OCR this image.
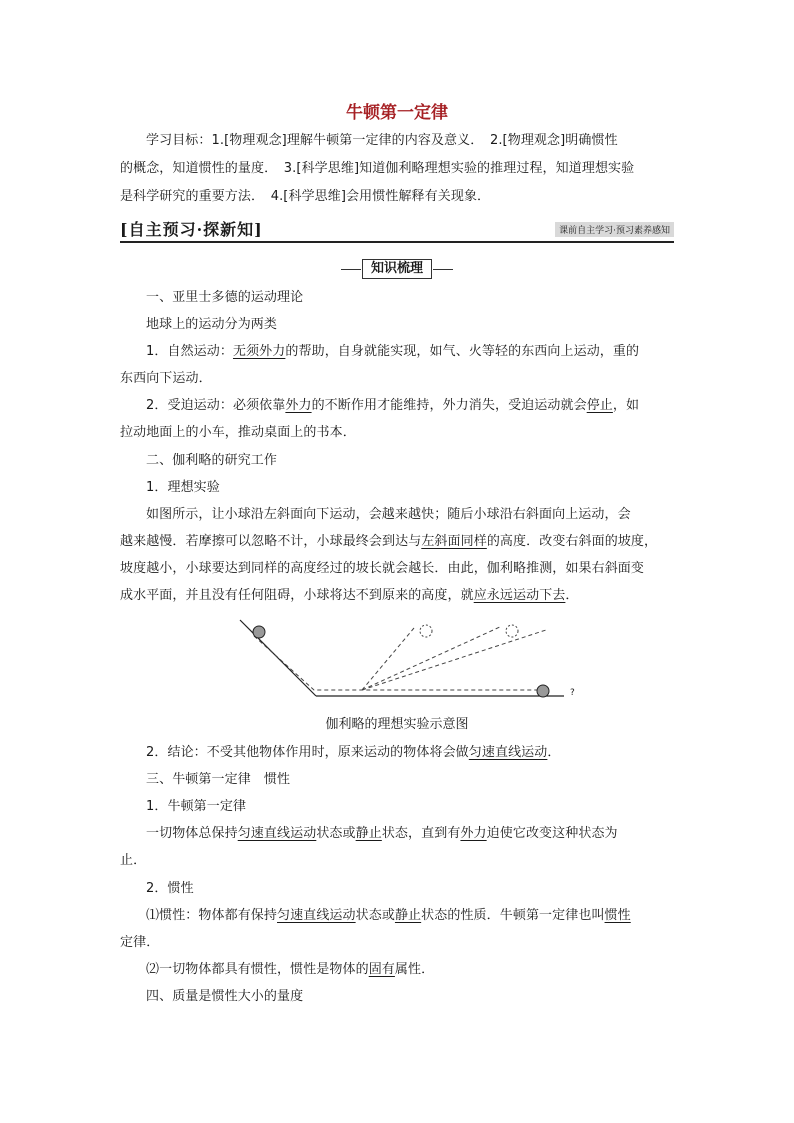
牛顿第一定律
学习目标：1.[物理观念]理解牛顿第一定律的内容及意义．　2.[物理观念]明确惯性
的概念，知道惯性的量度．　3.[科学思维]知道伽利略理想实验的推理过程，知道理想实验
是科学研究的重要方法．　4.[科学思维]会用惯性解释有关现象．
[自主预习·探新知]	课前自主学习·预习素养感知
知识梳理
一、亚里士多德的运动理论
地球上的运动分为两类
1．自然运动：无须外力的帮助，自身就能实现，如气、火等轻的东西向上运动，重的
东西向下运动．
2．受迫运动：必须依靠外力的不断作用才能维持，外力消失，受迫运动就会停止，如
拉动地面上的小车，推动桌面上的书本．
二、伽利略的研究工作
1．理想实验
如图所示，让小球沿左斜面向下运动，会越来越快；随后小球沿右斜面向上运动，会
越来越慢．若摩擦可以忽略不计，小球最终会到达与左斜面同样的高度．改变右斜面的坡度，
坡度越小，小球要达到同样的高度经过的坡长就会越长．由此，伽利略推测，如果右斜面变
成水平面，并且没有任何阻碍，小球将达不到原来的高度，就应永远运动下去．
?
伽利略的理想实验示意图
2．结论：不受其他物体作用时，原来运动的物体将会做匀速直线运动．
三、牛顿第一定律　惯性
1．牛顿第一定律
一切物体总保持匀速直线运动状态或静止状态，直到有外力迫使它改变这种状态为
止．
2．惯性
⑴惯性：物体都有保持匀速直线运动状态或静止状态的性质．牛顿第一定律也叫惯性
定律．
⑵一切物体都具有惯性，惯性是物体的固有属性．
四、质量是惯性大小的量度
